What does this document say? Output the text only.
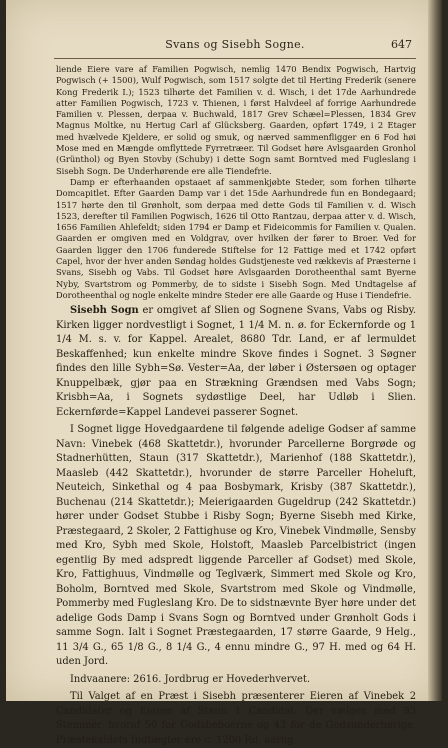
Svans og Sisebh Sogne.	647

liende Eiere vare af Familien Pogwisch, nemlig 1470 Bendix Pogwisch, Hartvig Pogwisch (+ 1500), Wulf Pogwisch, som 1517 solgte det til Herting Frederik (senere Kong Frederik I.); 1523 tilhørte det Familien v. d. Wisch, i det 17de Aarhundrede atter Familien Pogwisch, 1723 v. Thienen, i først Halvdeel af forrige Aarhundrede Familien v. Plessen, derpaa v. Buchwald, 1817 Grev Schæel=Plessen, 1834 Grev Magnus Moltke, nu Hertug Carl af Glücksberg. Gaarden, opført 1749, i 2 Etager med hvælvede Kjeldere, er solid og smuk, og nærved sammenfligger en 6 Fod høi Mose med en Mængde omflyttede Fyrretræer. Til Godset høre Avlsgaarden Gronhol (Grünthol) og Byen Stovby (Schuby) i dette Sogn samt Borntved med Fugleslang i Sisebh Sogn. De Underhørende ere alle Tiendefrie.

Damp er efterhaanden opstaaet af sammenkjøbte Steder, som forhen tilhørte Domcapitlet. Efter Gaarden Damp var i det 15de Aarhundrede fun en Bondegaard; 1517 hørte den til Grønholt, som derpaa med dette Gods til Familien v. d. Wisch 1523, derefter til Familien Pogwisch, 1626 til Otto Rantzau, derpaa atter v. d. Wisch, 1656 Familien Ahlefeldt; siden 1794 er Damp et Fideicommis for Familien v. Qualen. Gaarden er omgiven med en Voldgrav, over hvilken der fører to Broer. Ved for Gaarden ligger den 1706 funderede Stiftelse for 12 Fattige med et 1742 opført Capel, hvor der hver anden Søndag holdes Gudstjeneste ved rækkevis af Præsterne i Svans, Sisebh og Vabs. Til Godset høre Avlsgaarden Dorotheenthal samt Byerne Nyby, Svartstrom og Pommerby, de to sidste i Sisebh Sogn. Med Undtagelse af Dorotheenthal og nogle enkelte mindre Steder ere alle Gaarde og Huse i Tiendefrie.

Sisebh Sogn er omgivet af Slien og Sognene Svans, Vabs og Risby. Kirken ligger nordvestligt i Sognet, 1 1/4 M. n. ø. for Eckernforde og 1 1/4 M. s. v. for Kappel. Arealet, 8680 Tdr. Land, er af lermuldet Beskaffenhed; kun enkelte mindre Skove findes i Sognet. 3 Søgner findes den lille Sybh=Sø. Vester=Aa, der løber i Østersøen og optager Knuppelbæk, gjør paa en Strækning Grændsen med Vabs Sogn; Krisbh=Aa, i Sognets sydøstlige Deel, har Udløb i Slien. Eckernførde=Kappel Landevei passerer Sognet.

I Sognet ligge Hovedgaardene til følgende adelige Godser af samme Navn: Vinebek (468 Skattetdr.), hvorunder Parcellerne Borgrøde og Stadnerhütten, Staun (317 Skattetdr.), Marienhof (188 Skattetdr.), Maasleb (442 Skattetdr.), hvorunder de større Parceller Hoheluft, Neuteich, Sinkethal og 4 paa Bosbymark, Krisby (387 Skattetdr.), Buchenau (214 Skattetdr.); Meierigaarden Gugeldrup (242 Skattetdr.) hører under Godset Stubbe i Risby Sogn; Byerne Sisebh med Kirke, Præstegaard, 2 Skoler, 2 Fattighuse og Kro, Vinebek Vindmølle, Sensby med Kro, Sybh med Skole, Holstoft, Maasleb Parcelbistrict (ingen egentlig By med adspredt liggende Parceller af Godset) med Skole, Kro, Fattighuus, Vindmølle og Teglværk, Simmert med Skole og Kro, Boholm, Borntved med Skole, Svartstrom med Skole og Vindmølle, Pommerby med Fugleslang Kro. De to sidstnævnte Byer høre under det adelige Gods Damp i Svans Sogn og Borntved under Grønholt Gods i samme Sogn. Ialt i Sognet Præstegaarden, 17 større Gaarde, 9 Helg., 11 3/4 G., 65 1/8 G., 8 1/4 G., 4 ennu mindre G., 97 H. med og 64 H. uden Jord.

Indvaanere: 2616. Jordbrug er Hovederhvervet.

Til Valget af en Præst i Sisebh præsenterer Eieren af Vinebek 2 Candidater og Eieren af Staun 1 Candidat. Der vælges med 93 Stemmer, hvoraf 50 for Godsbeboerne og 43 for de Godsunderhørige. Præstekaldets Indtægter ere c. 1200 Rd. aarlig
